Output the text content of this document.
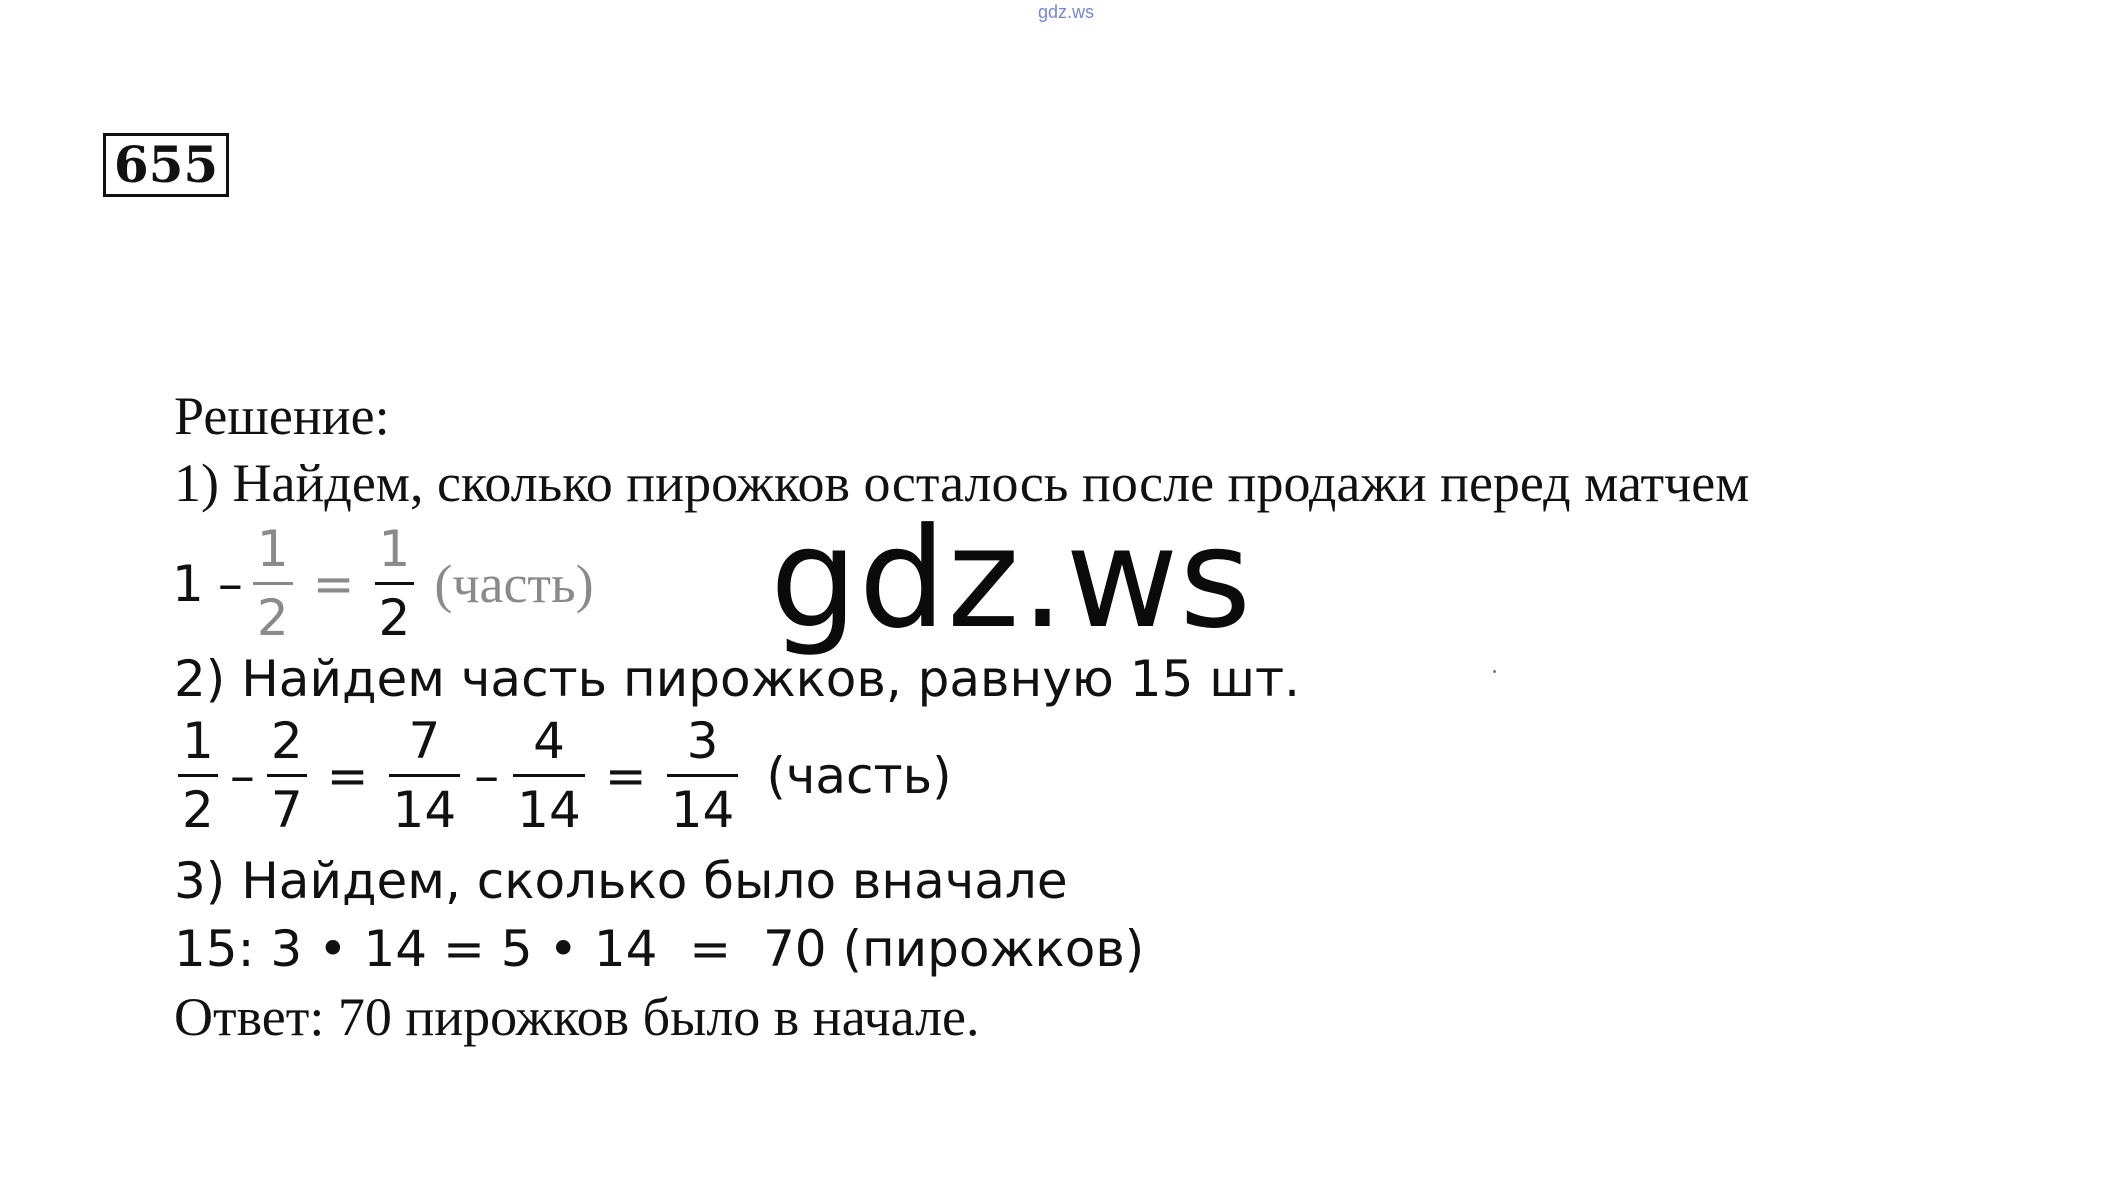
gdz.ws
655
Решение:
1) Найдем, сколько пирожков осталось после продажи перед матчем
$1 - \frac{1}{2} = \frac{1}{2}$ (часть)
2) Найдем часть пирожков, равную 15 шт.
$\frac{1}{2} - \frac{2}{7} = \frac{7}{14} - \frac{4}{14} = \frac{3}{14}$ (часть)
3) Найдем, сколько было вначале
15: 3 • 14 = 5 • 14  =  70 (пирожков)
Ответ: 70 пирожков было в начале.
gdz.ws
